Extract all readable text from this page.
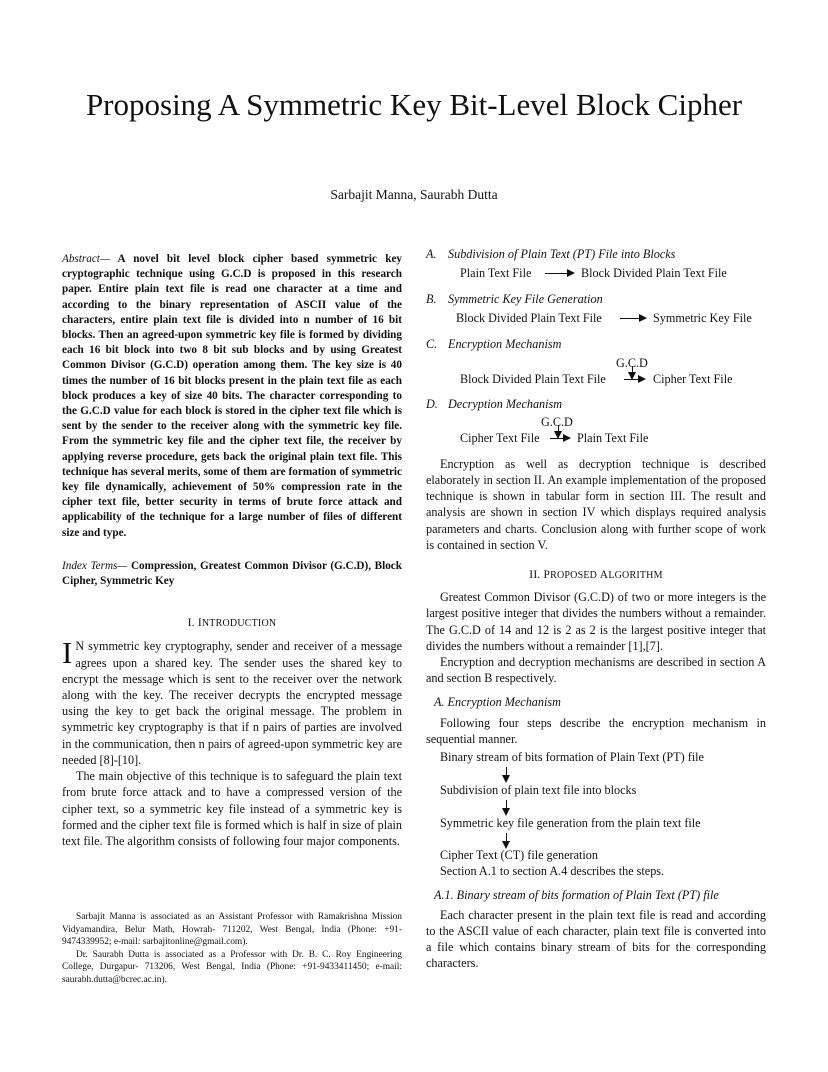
Proposing A Symmetric Key Bit-Level Block Cipher
Sarbajit Manna, Saurabh Dutta

Abstract— A novel bit level block cipher based symmetric key cryptographic technique using G.C.D is proposed in this research paper. Entire plain text file is read one character at a time and according to the binary representation of ASCII value of the characters, entire plain text file is divided into n number of 16 bit blocks. Then an agreed-upon symmetric key file is formed by dividing each 16 bit block into two 8 bit sub blocks and by using Greatest Common Divisor (G.C.D) operation among them. The key size is 40 times the number of 16 bit blocks present in the plain text file as each block produces a key of size 40 bits. The character corresponding to the G.C.D value for each block is stored in the cipher text file which is sent by the sender to the receiver along with the symmetric key file. From the symmetric key file and the cipher text file, the receiver by applying reverse procedure, gets back the original plain text file. This technique has several merits, some of them are formation of symmetric key file dynamically, achievement of 50% compression rate in the cipher text file, better security in terms of brute force attack and applicability of the technique for a large number of files of different size and type.

Index Terms— Compression, Greatest Common Divisor (G.C.D), Block Cipher, Symmetric Key

I. INTRODUCTION

I N symmetric key cryptography, sender and receiver of a message agrees upon a shared key. The sender uses the shared key to encrypt the message which is sent to the receiver over the network along with the key. The receiver decrypts the encrypted message using the key to get back the original message. The problem in symmetric key cryptography is that if n pairs of parties are involved in the communication, then n pairs of agreed-upon symmetric key are needed [8]-[10].

The main objective of this technique is to safeguard the plain text from brute force attack and to have a compressed version of the cipher text, so a symmetric key file instead of a symmetric key is formed and the cipher text file is formed which is half in size of plain text file. The algorithm consists of following four major components.

Sarbajit Manna is associated as an Assistant Professor with Ramakrishna Mission Vidyamandira, Belur Math, Howrah- 711202, West Bengal, India (Phone: +91-9474339952; e-mail: sarbajitonline@gmail.com).

Dr. Saurabh Dutta is associated as a Professor with Dr. B. C. Roy Engineering College, Durgapur- 713206, West Bengal, India (Phone: +91-9433411450; e-mail: saurabh.dutta@bcrec.ac.in).

A. Subdivision of Plain Text (PT) File into Blocks

Plain Text File	Block Divided Plain Text File

B. Symmetric Key File Generation

Block Divided Plain Text File	Symmetric Key File

C. Encryption Mechanism

G.C.D
Block Divided Plain Text File	Cipher Text File

D. Decryption Mechanism

G.C.D
Cipher Text File	Plain Text File

Encryption as well as decryption technique is described elaborately in section II. An example implementation of the proposed technique is shown in tabular form in section III. The result and analysis are shown in section IV which displays required analysis parameters and charts. Conclusion along with further scope of work is contained in section V.

II. PROPOSED ALGORITHM

Greatest Common Divisor (G.C.D) of two or more integers is the largest positive integer that divides the numbers without a remainder. The G.C.D of 14 and 12 is 2 as 2 is the largest positive integer that divides the numbers without a remainder [1],[7].

Encryption and decryption mechanisms are described in section A and section B respectively.

A. Encryption Mechanism

Following four steps describe the encryption mechanism in sequential manner.

Binary stream of bits formation of Plain Text (PT) file
Subdivision of plain text file into blocks
Symmetric key file generation from the plain text file

Cipher Text (CT) file generation

Section A.1 to section A.4 describes the steps.

A.1. Binary stream of bits formation of Plain Text (PT) file

Each character present in the plain text file is read and according to the ASCII value of each character, plain text file is converted into a file which contains binary stream of bits for the corresponding characters.
